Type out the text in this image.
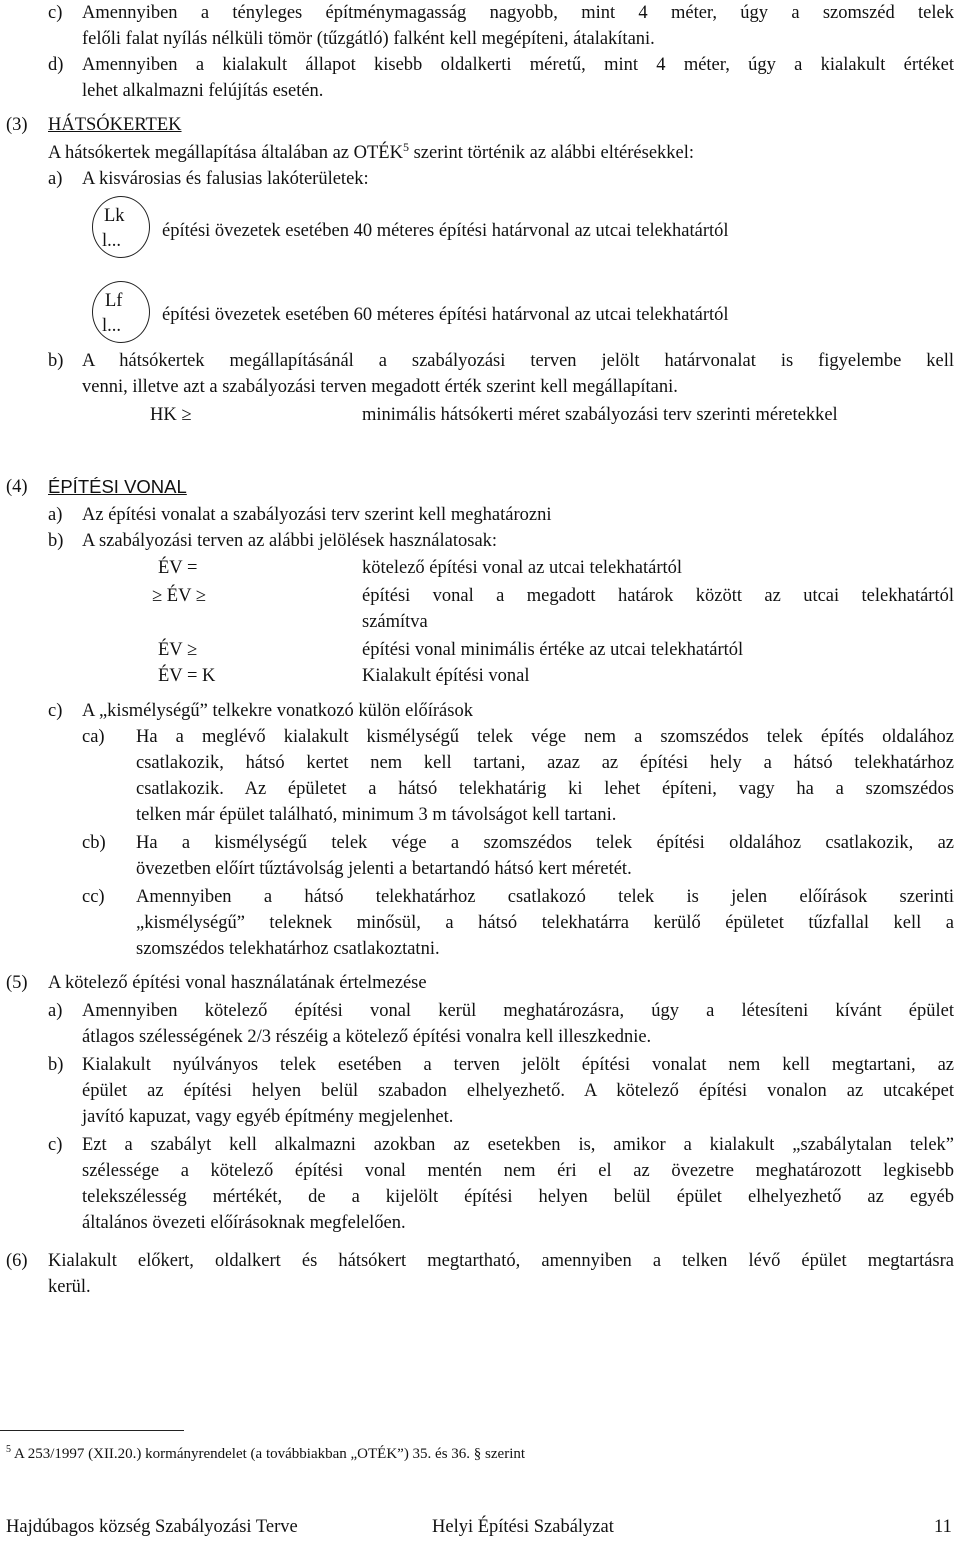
c) Amennyiben a tényleges építménymagasság nagyobb, mint 4 méter, úgy a szomszéd telek
felőli falat nyílás nélküli tömör (tűzgátló) falként kell megépíteni, átalakítani.
d) Amennyiben a kialakult állapot kisebb oldalkerti méretű, mint 4 méter, úgy a kialakult értéket
lehet alkalmazni felújítás esetén.
(3) HÁTSÓKERTEK
A hátsókertek megállapítása általában az OTÉK$^5$ szerint történik az alábbi eltérésekkel:
a) A kisvárosias és falusias lakóterületek:
Lk
l... építési övezetek esetében 40 méteres építési határvonal az utcai telekhatártól
Lf
l...
építési övezetek esetében 60 méteres építési határvonal az utcai telekhatártól
b) A hátsókertek megállapításánál a szabályozási terven jelölt határvonalat is figyelembe kell
venni, illetve azt a szabályozási terven megadott érték szerint kell megállapítani.
HK ≥	minimális hátsókerti méret szabályozási terv szerinti méretekkel
(4) ÉPÍTÉSI VONAL
a) Az építési vonalat a szabályozási terv szerint kell meghatározni
b) A szabályozási terven az alábbi jelölések használatosak:
ÉV =	kötelező építési vonal az utcai telekhatártól
≥ ÉV ≥	építési vonal a megadott határok között az utcai telekhatártól
számítva
ÉV ≥	építési vonal minimális értéke az utcai telekhatártól
ÉV = K	Kialakult építési vonal
c) A „kismélységű” telkekre vonatkozó külön előírások
ca) Ha a meglévő kialakult kismélységű telek vége nem a szomszédos telek építés oldalához
csatlakozik, hátsó kertet nem kell tartani, azaz az építési hely a hátsó telekhatárhoz
csatlakozik. Az épületet a hátsó telekhatárig ki lehet építeni, vagy ha a szomszédos
telken már épület található, minimum 3 m távolságot kell tartani.
cb) Ha a kismélységű telek vége a szomszédos telek építési oldalához csatlakozik, az
övezetben előírt tűztávolság jelenti a betartandó hátsó kert méretét.
cc) Amennyiben a hátsó telekhatárhoz csatlakozó telek is jelen előírások szerinti
„kismélységű” teleknek minősül, a hátsó telekhatárra kerülő épületet tűzfallal kell a
szomszédos telekhatárhoz csatlakoztatni.
(5) A kötelező építési vonal használatának értelmezése
a) Amennyiben kötelező építési vonal kerül meghatározásra, úgy a létesíteni kívánt épület
átlagos szélességének 2/3 részéig a kötelező építési vonalra kell illeszkednie.
b) Kialakult nyúlványos telek esetében a terven jelölt építési vonalat nem kell megtartani, az
épület az építési helyen belül szabadon elhelyezhető. A kötelező építési vonalon az utcaképet
javító kapuzat, vagy egyéb építmény megjelenhet.
c) Ezt a szabályt kell alkalmazni azokban az esetekben is, amikor a kialakult „szabálytalan telek”
szélessége a kötelező építési vonal mentén nem éri el az övezetre meghatározott legkisebb
telekszélesség mértékét, de a kijelölt építési helyen belül épület elhelyezhető az egyéb
általános övezeti előírásoknak megfelelően.
(6) Kialakult előkert, oldalkert és hátsókert megtartható, amennyiben a telken lévő épület megtartásra
kerül.
$^5$ A 253/1997 (XII.20.) kormányrendelet (a továbbiakban „OTÉK”) 35. és 36. § szerint
Hajdúbagos község Szabályozási Terve	Helyi Építési Szabályzat	11
